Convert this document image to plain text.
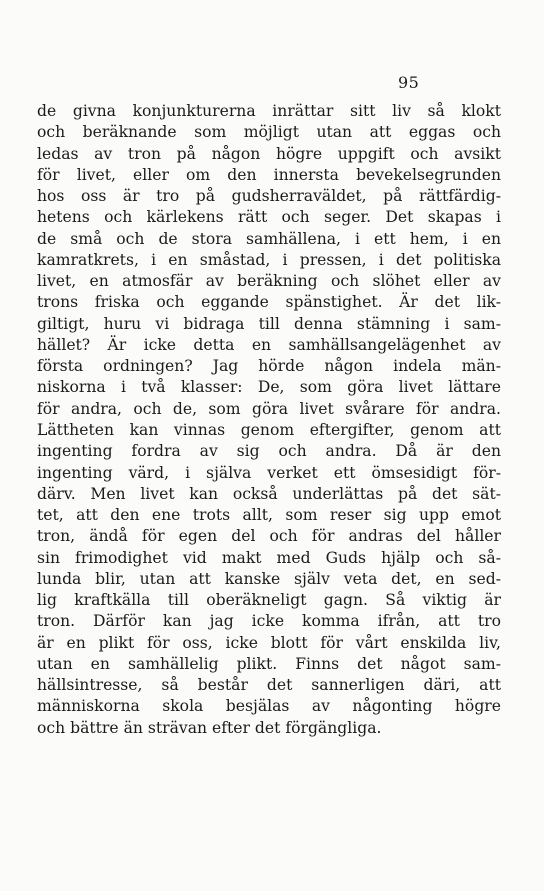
95
de givna konjunkturerna inrättar sitt liv så klokt
och beräknande som möjligt utan att eggas och
ledas av tron på någon högre uppgift och avsikt
för livet, eller om den innersta bevekelsegrunden
hos oss är tro på gudsherraväldet, på rättfärdig-
hetens och kärlekens rätt och seger. Det skapas i
de små och de stora samhällena, i ett hem, i en
kamratkrets, i en småstad, i pressen, i det politiska
livet, en atmosfär av beräkning och slöhet eller av
trons friska och eggande spänstighet. Är det lik-
giltigt, huru vi bidraga till denna stämning i sam-
hället? Är icke detta en samhällsangelägenhet av
första ordningen? Jag hörde någon indela män-
niskorna i två klasser: De, som göra livet lättare
för andra, och de, som göra livet svårare för andra.
Lättheten kan vinnas genom eftergifter, genom att
ingenting fordra av sig och andra. Då är den
ingenting värd, i själva verket ett ömsesidigt för-
därv. Men livet kan också underlättas på det sät-
tet, att den ene trots allt, som reser sig upp emot
tron, ändå för egen del och för andras del håller
sin frimodighet vid makt med Guds hjälp och så-
lunda blir, utan att kanske själv veta det, en sed-
lig kraftkälla till oberäkneligt gagn. Så viktig är
tron. Därför kan jag icke komma ifrån, att tro
är en plikt för oss, icke blott för vårt enskilda liv,
utan en samhällelig plikt. Finns det något sam-
hällsintresse, så består det sannerligen däri, att
människorna skola besjälas av någonting högre
och bättre än strävan efter det förgängliga.
